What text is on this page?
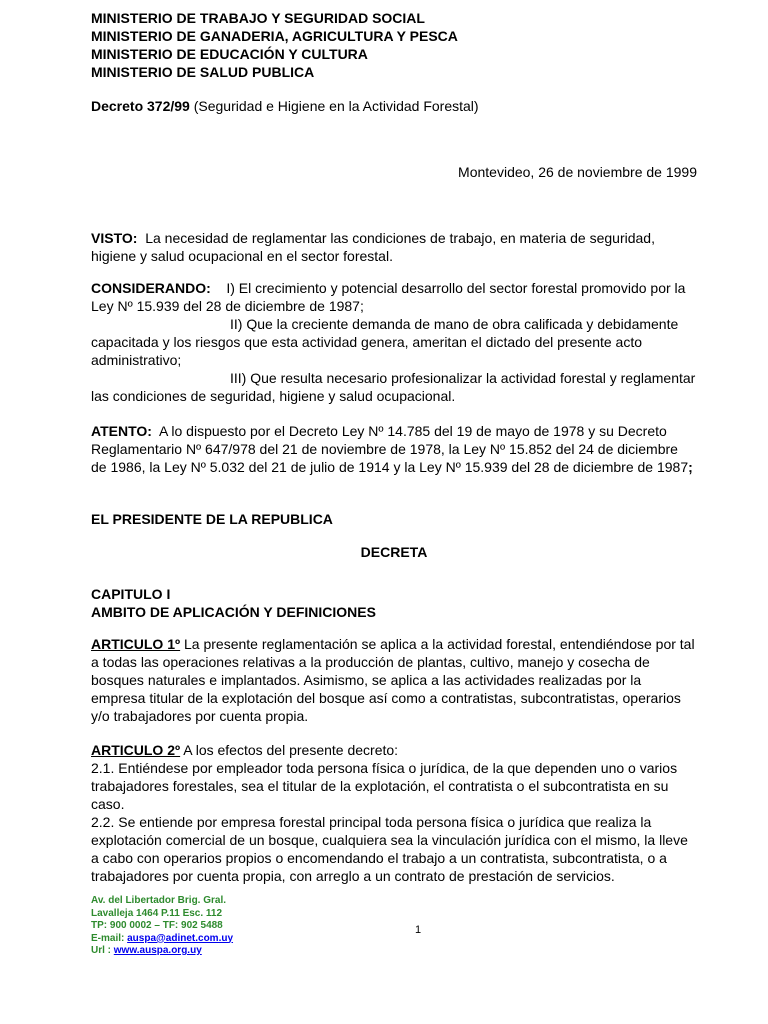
MINISTERIO DE TRABAJO Y SEGURIDAD SOCIAL
MINISTERIO DE GANADERIA, AGRICULTURA Y PESCA
MINISTERIO DE EDUCACIÓN Y CULTURA
MINISTERIO DE SALUD PUBLICA
Decreto 372/99 (Seguridad e Higiene en la Actividad Forestal)
Montevideo, 26 de noviembre de 1999
VISTO: La necesidad de reglamentar las condiciones de trabajo, en materia de seguridad, higiene y salud ocupacional en el sector forestal.
CONSIDERANDO: I) El crecimiento y potencial desarrollo del sector forestal promovido por la Ley Nº 15.939 del 28 de diciembre de 1987;
II) Que la creciente demanda de mano de obra calificada y debidamente capacitada y los riesgos que esta actividad genera, ameritan el dictado del presente acto administrativo;
III) Que resulta necesario profesionalizar la actividad forestal y reglamentar las condiciones de seguridad, higiene y salud ocupacional.
ATENTO: A lo dispuesto por el Decreto Ley Nº 14.785 del 19 de mayo de 1978 y su Decreto Reglamentario Nº 647/978 del 21 de noviembre de 1978, la Ley Nº 15.852 del 24 de diciembre de 1986, la Ley Nº 5.032 del 21 de julio de 1914 y la Ley Nº 15.939 del 28 de diciembre de 1987;
EL PRESIDENTE DE LA REPUBLICA
DECRETA
CAPITULO I
AMBITO DE APLICACIÓN Y DEFINICIONES
ARTICULO 1º La presente reglamentación se aplica a la actividad forestal, entendiéndose por tal a todas las operaciones relativas a la producción de plantas, cultivo, manejo y cosecha de bosques naturales e implantados. Asimismo, se aplica a las actividades realizadas por la empresa titular de la explotación del bosque así como a contratistas, subcontratistas, operarios y/o trabajadores por cuenta propia.
ARTICULO 2º A los efectos del presente decreto:
2.1. Entiéndese por empleador toda persona física o jurídica, de la que dependen uno o varios trabajadores forestales, sea el titular de la explotación, el contratista o el subcontratista en su caso.
2.2. Se entiende por empresa forestal principal toda persona física o jurídica que realiza la explotación comercial de un bosque, cualquiera sea la vinculación jurídica con el mismo, la lleve a cabo con operarios propios o encomendando el trabajo a un contratista, subcontratista, o a trabajadores por cuenta propia, con arreglo a un contrato de prestación de servicios.
Av. del Libertador Brig. Gral.
Lavalleja 1464 P.11 Esc. 112
TP: 900 0002 – TF: 902 5488
E-mail: auspa@adinet.com.uy
Url : www.auspa.org.uy
1
